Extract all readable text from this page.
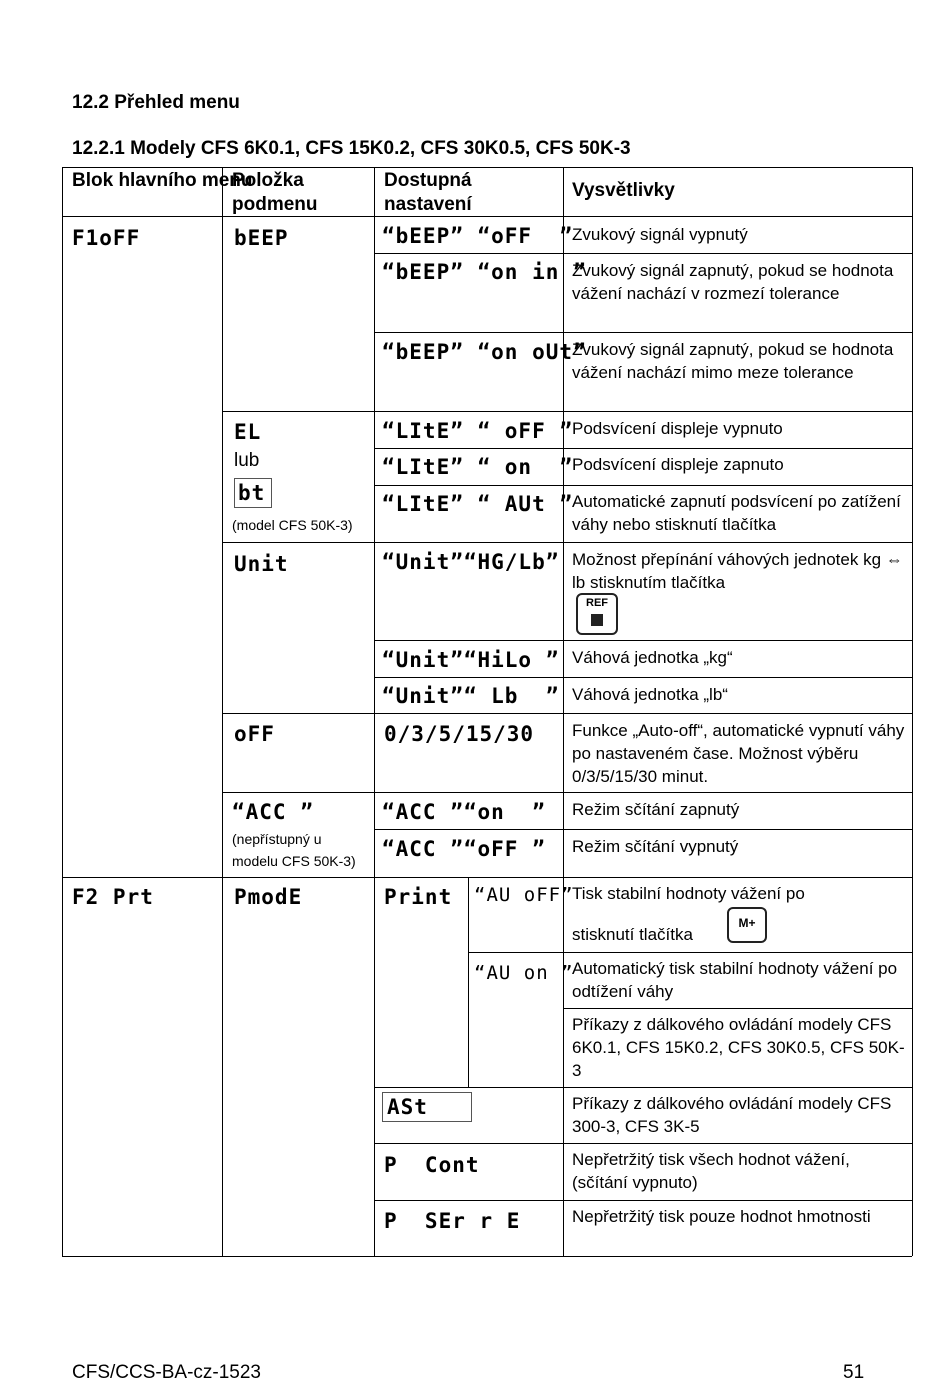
12.2 Přehled menu
12.2.1 Modely CFS 6K0.1, CFS 15K0.2, CFS 30K0.5, CFS 50K-3
Blok hlavního menu
Položka podmenu
Dostupná nastavení
Vysvětlivky
F1oFF
F2 Prt
bEEP
EL
lub
bt
(model CFS 50K-3)
Unit
oFF
“ACC ”
(nepřístupný u
modelu CFS 50K-3)
PmodE
“bEEP” “oFF  ”
“bEEP” “on in ”
“bEEP” “on oUt”
“LItE” “ oFF ”
“LItE” “ on  ”
“LItE” “ AUt ”
“Unit”“HG/Lb”
“Unit”“HiLo ”
“Unit”“ Lb  ”
0/3/5/15/30
“ACC ”“on  ”
“ACC ”“oFF ”
Print “AU oFF”
“AU on ”
ASt
P  Cont
P  SEr r E
Zvukový signál vypnutý
Zvukový signál zapnutý, pokud se hodnota vážení nachází v rozmezí tolerance
Zvukový signál zapnutý, pokud se hodnota vážení nachází mimo meze tolerance
Podsvícení displeje vypnuto
Podsvícení displeje zapnuto
Automatické zapnutí podsvícení po zatížení váhy nebo stisknutí tlačítka
Možnost přepínání váhových jednotek kg ⇔ lb stisknutím tlačítka
REF
Váhová jednotka „kg“
Váhová jednotka „lb“
Funkce „Auto-off“, automatické vypnutí váhy po nastaveném čase. Možnost výběru 0/3/5/15/30 minut.
Režim sčítání zapnutý
Režim sčítání vypnutý
Tisk stabilní hodnoty vážení po
stisknutí tlačítka
M+
Automatický tisk stabilní hodnoty vážení po odtížení váhy
Příkazy z dálkového ovládání modely CFS 6K0.1, CFS 15K0.2, CFS 30K0.5, CFS 50K-3
Příkazy z dálkového ovládání modely CFS 300-3, CFS 3K-5
Nepřetržitý tisk všech hodnot vážení, (sčítání vypnuto)
Nepřetržitý tisk pouze hodnot hmotnosti
CFS/CCS-BA-cz-1523	51
